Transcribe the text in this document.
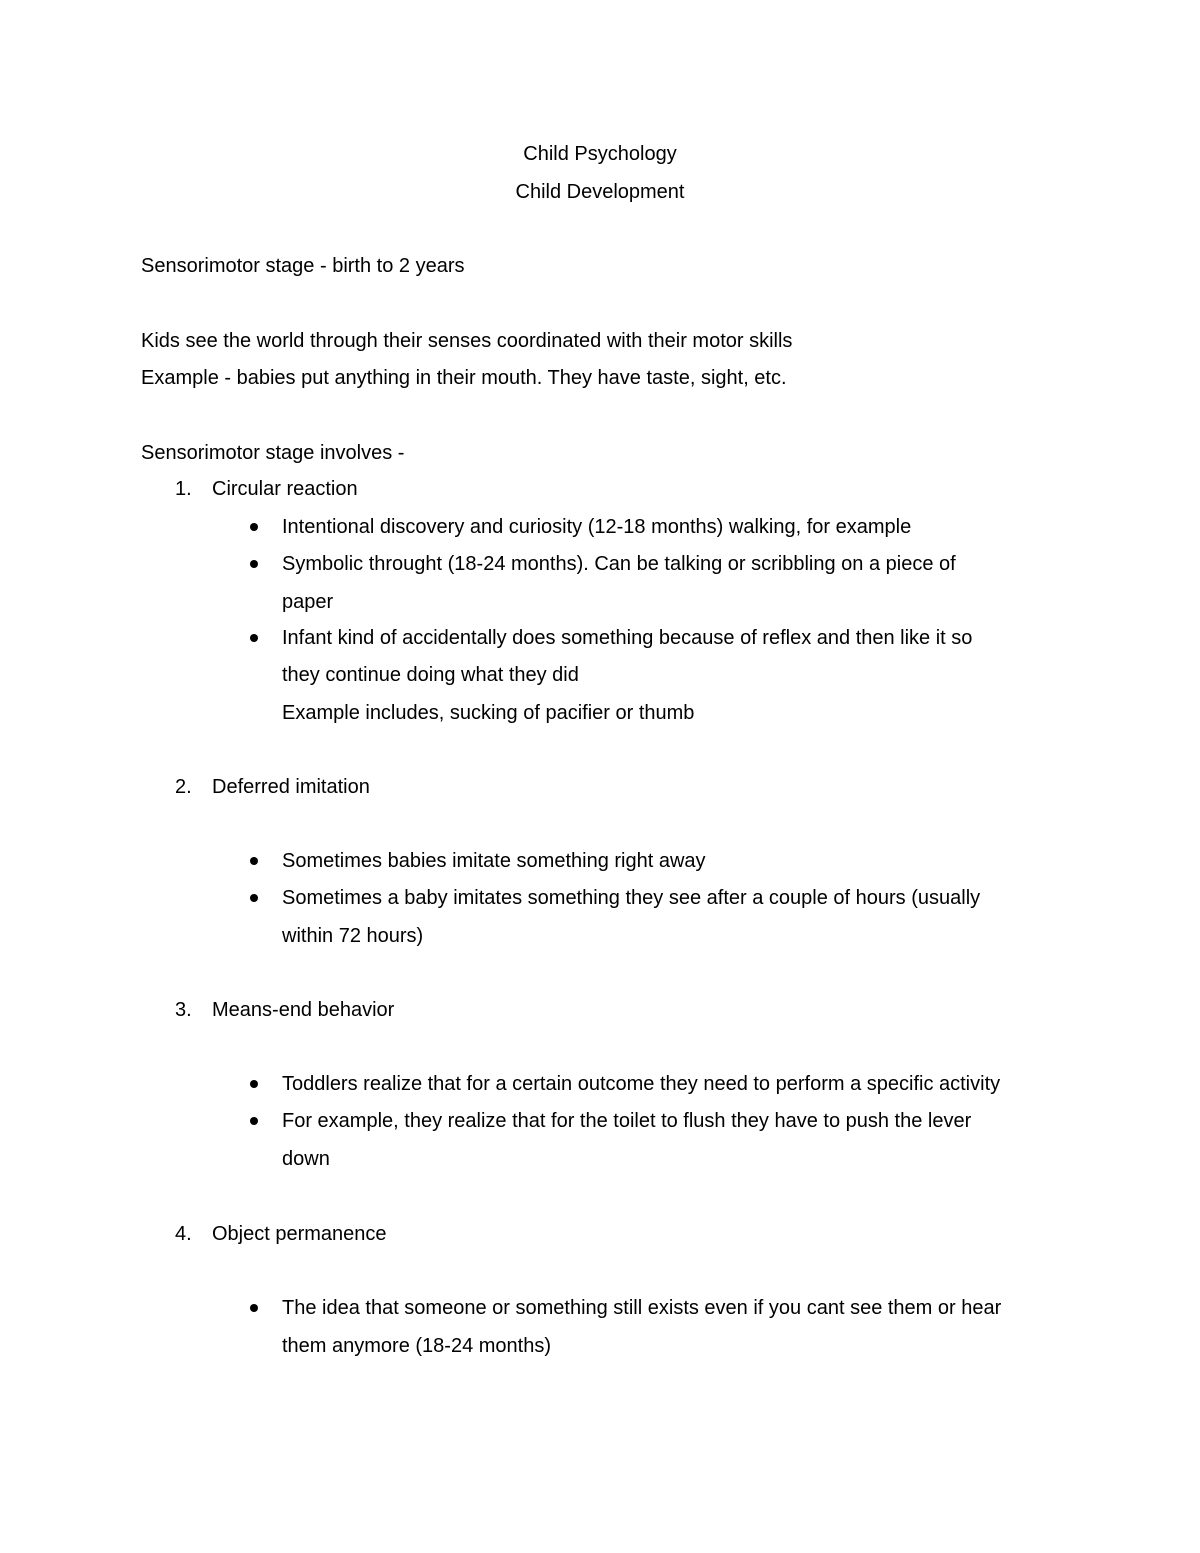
Child Psychology
Child Development
Sensorimotor stage - birth to 2 years
Kids see the world through their senses coordinated with their motor skills
Example - babies put anything in their mouth. They have taste, sight, etc.
Sensorimotor stage involves -
1. Circular reaction
Intentional discovery and curiosity (12-18 months) walking, for example
Symbolic throught (18-24 months). Can be talking or scribbling on a piece of
paper
Infant kind of accidentally does something because of reflex and then like it so
they continue doing what they did
Example includes, sucking of pacifier or thumb
2. Deferred imitation
Sometimes babies imitate something right away
Sometimes a baby imitates something they see after a couple of hours (usually
within 72 hours)
3. Means-end behavior
Toddlers realize that for a certain outcome they need to perform a specific activity
For example, they realize that for the toilet to flush they have to push the lever
down
4. Object permanence
The idea that someone or something still exists even if you cant see them or hear
them anymore (18-24 months)
